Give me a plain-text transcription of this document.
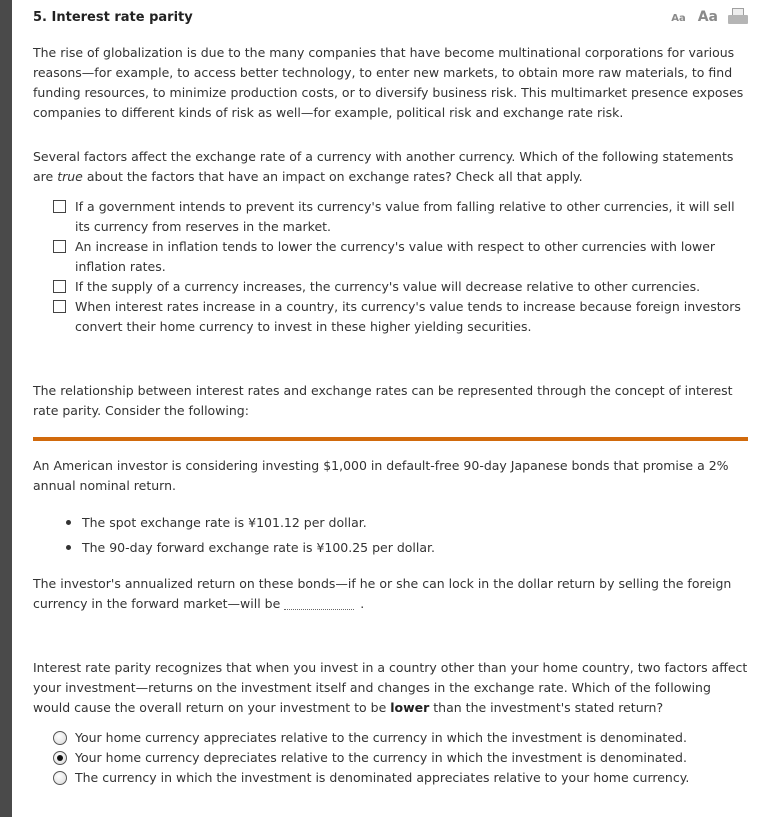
5. Interest rate parity	Aa Aa
The rise of globalization is due to the many companies that have become multinational corporations for various reasons—for example, to access better technology, to enter new markets, to obtain more raw materials, to find funding resources, to minimize production costs, or to diversify business risk. This multimarket presence exposes companies to different kinds of risk as well—for example, political risk and exchange rate risk.
Several factors affect the exchange rate of a currency with another currency. Which of the following statements are true about the factors that have an impact on exchange rates? Check all that apply.
If a government intends to prevent its currency's value from falling relative to other currencies, it will sell its currency from reserves in the market.
An increase in inflation tends to lower the currency's value with respect to other currencies with lower inflation rates.
If the supply of a currency increases, the currency's value will decrease relative to other currencies.
When interest rates increase in a country, its currency's value tends to increase because foreign investors convert their home currency to invest in these higher yielding securities.
The relationship between interest rates and exchange rates can be represented through the concept of interest rate parity. Consider the following:
An American investor is considering investing $1,000 in default-free 90-day Japanese bonds that promise a 2% annual nominal return.
The spot exchange rate is ¥101.12 per dollar.
The 90-day forward exchange rate is ¥100.25 per dollar.
The investor's annualized return on these bonds—if he or she can lock in the dollar return by selling the foreign currency in the forward market—will be	.
Interest rate parity recognizes that when you invest in a country other than your home country, two factors affect your investment—returns on the investment itself and changes in the exchange rate. Which of the following would cause the overall return on your investment to be lower than the investment's stated return?
Your home currency appreciates relative to the currency in which the investment is denominated.
Your home currency depreciates relative to the currency in which the investment is denominated.
The currency in which the investment is denominated appreciates relative to your home currency.
